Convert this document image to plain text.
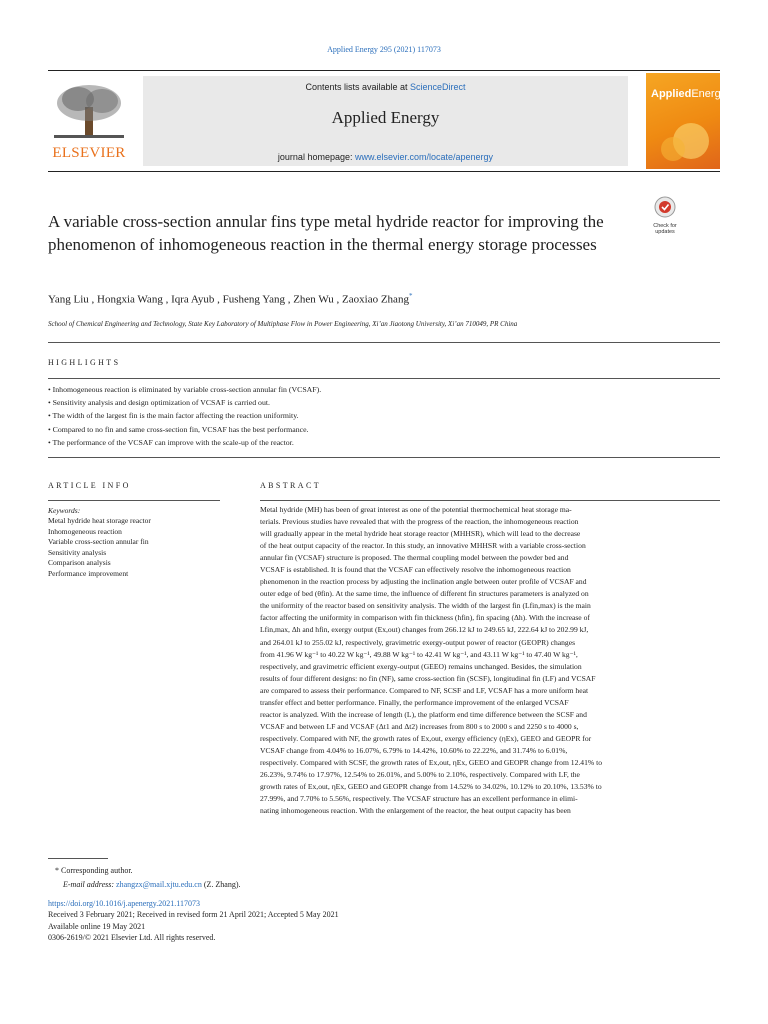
Applied Energy 295 (2021) 117073
ELSEVIER
Contents lists available at ScienceDirect
Applied Energy
journal homepage: www.elsevier.com/locate/apenergy
AppliedEnergy
Check for
updates
A variable cross-section annular fins type metal hydride reactor for improving the phenomenon of inhomogeneous reaction in the thermal energy storage processes
Yang Liu , Hongxia Wang , Iqra Ayub , Fusheng Yang , Zhen Wu , Zaoxiao Zhang*
School of Chemical Engineering and Technology, State Key Laboratory of Multiphase Flow in Power Engineering, Xi’an Jiaotong University, Xi’an 710049, PR China
HIGHLIGHTS
• Inhomogeneous reaction is eliminated by variable cross-section annular fin (VCSAF).
• Sensitivity analysis and design optimization of VCSAF is carried out.
• The width of the largest fin is the main factor affecting the reaction uniformity.
• Compared to no fin and same cross-section fin, VCSAF has the best performance.
• The performance of the VCSAF can improve with the scale-up of the reactor.
ARTICLE INFO	ABSTRACT
Keywords:
Metal hydride heat storage reactor
Inhomogeneous reaction
Variable cross-section annular fin
Sensitivity analysis
Comparison analysis
Performance improvement
Metal hydride (MH) has been of great interest as one of the potential thermochemical heat storage ma-
terials. Previous studies have revealed that with the progress of the reaction, the inhomogeneous reaction
will gradually appear in the metal hydride heat storage reactor (MHHSR), which will lead to the decrease
of the heat output capacity of the reactor. In this study, an innovative MHHSR with a variable cross-section
annular fin (VCSAF) structure is proposed. The thermal coupling model between the powder bed and
VCSAF is established. It is found that the VCSAF can effectively resolve the inhomogeneous reaction
phenomenon in the reaction process by adjusting the inclination angle between outer profile of VCSAF and
outer edge of bed (θfin). At the same time, the influence of different fin structures parameters is analyzed on
the uniformity of the reactor based on sensitivity analysis. The width of the largest fin (Lfin,max) is the main
factor affecting the uniformity in comparison with fin thickness (hfin), fin spacing (Δh). With the increase of
Lfin,max, Δh and hfin, exergy output (Ex,out) changes from 266.12 kJ to 249.65 kJ, 222.64 kJ to 202.99 kJ,
and 264.01 kJ to 255.02 kJ, respectively, gravimetric exergy-output power of reactor (GEOPR) changes
from 41.96 W kg⁻¹ to 40.22 W kg⁻¹, 49.88 W kg⁻¹ to 42.41 W kg⁻¹, and 43.11 W kg⁻¹ to 47.40 W kg⁻¹,
respectively, and gravimetric efficient exergy-output (GEEO) remains unchanged. Besides, the simulation
results of four different designs: no fin (NF), same cross-section fin (SCSF), longitudinal fin (LF) and VCSAF
are compared to assess their performance. Compared to NF, SCSF and LF, VCSAF has a more uniform heat
transfer effect and better performance. Finally, the performance improvement of the enlarged VCSAF
reactor is analyzed. With the increase of length (L), the platform end time difference between the SCSF and
VCSAF and between LF and VCSAF (Δt1 and Δt2) increases from 800 s to 2000 s and 2250 s to 4000 s,
respectively. Compared with NF, the growth rates of Ex,out, exergy efficiency (ηEx), GEEO and GEOPR for
VCSAF change from 4.04% to 16.07%, 6.79% to 14.42%, 10.60% to 22.22%, and 31.74% to 6.01%,
respectively. Compared with SCSF, the growth rates of Ex,out, ηEx, GEEO and GEOPR change from 12.41% to
26.23%, 9.74% to 17.97%, 12.54% to 26.01%, and 5.00% to 2.10%, respectively. Compared with LF, the
growth rates of Ex,out, ηEx, GEEO and GEOPR change from 14.52% to 34.02%, 10.12% to 20.10%, 13.53% to
27.99%, and 7.70% to 5.56%, respectively. The VCSAF structure has an excellent performance in elimi-
nating inhomogeneous reaction. With the enlargement of the reactor, the heat output capacity has been
* Corresponding author.
E-mail address: zhangzx@mail.xjtu.edu.cn (Z. Zhang).
https://doi.org/10.1016/j.apenergy.2021.117073
Received 3 February 2021; Received in revised form 21 April 2021; Accepted 5 May 2021
Available online 19 May 2021
0306-2619/© 2021 Elsevier Ltd. All rights reserved.
